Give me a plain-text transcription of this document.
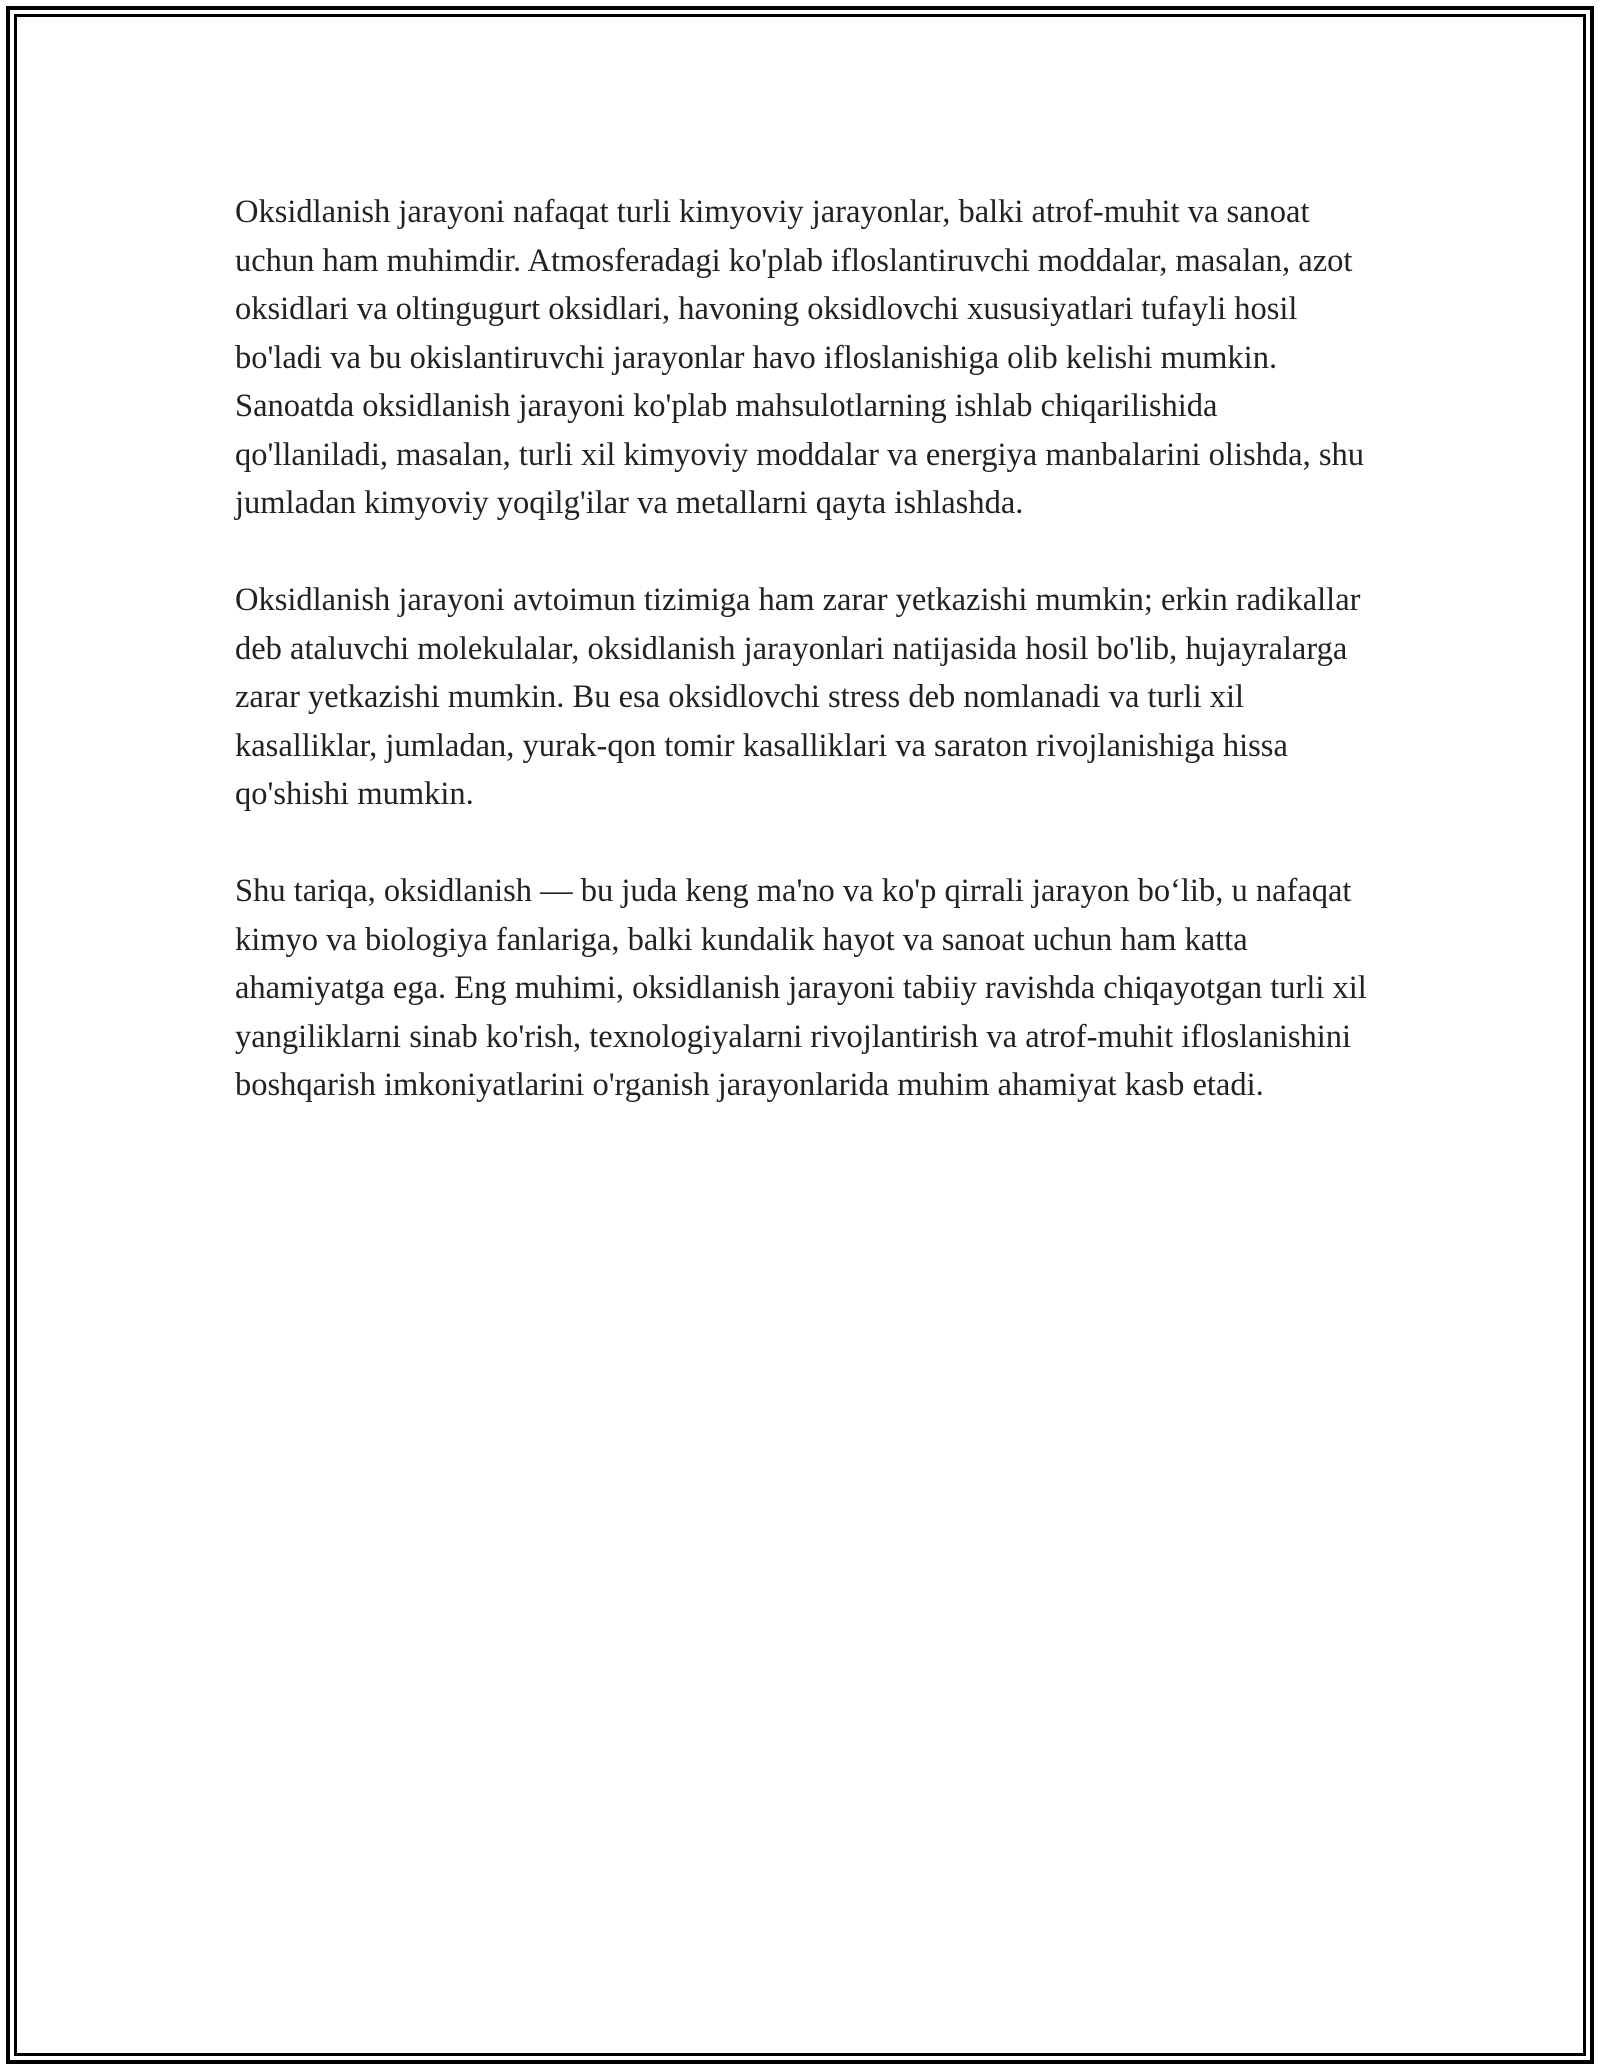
Oksidlanish jarayoni nafaqat turli kimyoviy jarayonlar, balki atrof-muhit va sanoat uchun ham muhimdir. Atmosferadagi ko'plab ifloslantiruvchi moddalar, masalan, azot oksidlari va oltingugurt oksidlari, havoning oksidlovchi xususiyatlari tufayli hosil bo'ladi va bu okislantiruvchi jarayonlar havo ifloslanishiga olib kelishi mumkin. Sanoatda oksidlanish jarayoni ko'plab mahsulotlarning ishlab chiqarilishida qo'llaniladi, masalan, turli xil kimyoviy moddalar va energiya manbalarini olishda, shu jumladan kimyoviy yoqilg'ilar va metallarni qayta ishlashda.

Oksidlanish jarayoni avtoimun tizimiga ham zarar yetkazishi mumkin; erkin radikallar deb ataluvchi molekulalar, oksidlanish jarayonlari natijasida hosil bo'lib, hujayralarga zarar yetkazishi mumkin. Bu esa oksidlovchi stress deb nomlanadi va turli xil kasalliklar, jumladan, yurak-qon tomir kasalliklari va saraton rivojlanishiga hissa qo'shishi mumkin.

Shu tariqa, oksidlanish — bu juda keng ma'no va ko'p qirrali jarayon bo‘lib, u nafaqat kimyo va biologiya fanlariga, balki kundalik hayot va sanoat uchun ham katta ahamiyatga ega. Eng muhimi, oksidlanish jarayoni tabiiy ravishda chiqayotgan turli xil yangiliklarni sinab ko'rish, texnologiyalarni rivojlantirish va atrof-muhit ifloslanishini boshqarish imkoniyatlarini o'rganish jarayonlarida muhim ahamiyat kasb etadi.
